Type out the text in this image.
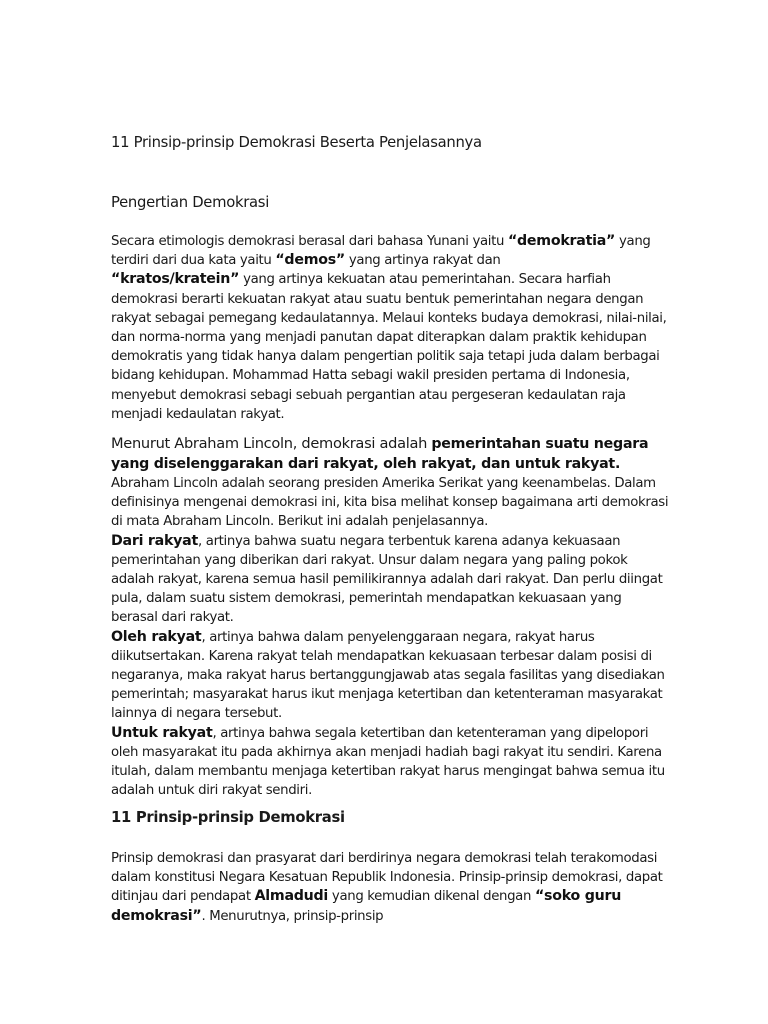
11 Prinsip-prinsip Demokrasi Beserta Penjelasannya

Pengertian Demokrasi

Secara etimologis demokrasi berasal dari bahasa Yunani yaitu “demokratia” yang terdiri dari dua kata yaitu “demos” yang artinya rakyat dan
“kratos/kratein” yang artinya kekuatan atau pemerintahan. Secara harfiah demokrasi berarti kekuatan rakyat atau suatu bentuk pemerintahan negara dengan rakyat sebagai pemegang kedaulatannya. Melaui konteks budaya demokrasi, nilai-nilai, dan norma-norma yang menjadi panutan dapat diterapkan dalam praktik kehidupan demokratis yang tidak hanya dalam pengertian politik saja tetapi juda dalam berbagai bidang kehidupan. Mohammad Hatta sebagi wakil presiden pertama di Indonesia, menyebut demokrasi sebagi sebuah pergantian atau pergeseran kedaulatan raja menjadi kedaulatan rakyat.
Menurut Abraham Lincoln, demokrasi adalah pemerintahan suatu negara yang diselenggarakan dari rakyat, oleh rakyat, dan untuk rakyat.
Abraham Lincoln adalah seorang presiden Amerika Serikat yang keenambelas. Dalam definisinya mengenai demokrasi ini, kita bisa melihat konsep bagaimana arti demokrasi di mata Abraham Lincoln. Berikut ini adalah penjelasannya.
Dari rakyat, artinya bahwa suatu negara terbentuk karena adanya kekuasaan pemerintahan yang diberikan dari rakyat. Unsur dalam negara yang paling pokok adalah rakyat, karena semua hasil pemilikirannya adalah dari rakyat. Dan perlu diingat pula, dalam suatu sistem demokrasi, pemerintah mendapatkan kekuasaan yang berasal dari rakyat.
Oleh rakyat, artinya bahwa dalam penyelenggaraan negara, rakyat harus diikutsertakan. Karena rakyat telah mendapatkan kekuasaan terbesar dalam posisi di negaranya, maka rakyat harus bertanggungjawab atas segala fasilitas yang disediakan pemerintah; masyarakat harus ikut menjaga ketertiban dan ketenteraman masyarakat lainnya di negara tersebut.
Untuk rakyat, artinya bahwa segala ketertiban dan ketenteraman yang dipelopori oleh masyarakat itu pada akhirnya akan menjadi hadiah bagi rakyat itu sendiri. Karena itulah, dalam membantu menjaga ketertiban rakyat harus mengingat bahwa semua itu adalah untuk diri rakyat sendiri.

11 Prinsip-prinsip Demokrasi

Prinsip demokrasi dan prasyarat dari berdirinya negara demokrasi telah terakomodasi dalam konstitusi Negara Kesatuan Republik Indonesia. Prinsip-prinsip demokrasi, dapat ditinjau dari pendapat Almadudi yang kemudian dikenal dengan “soko guru demokrasi”. Menurutnya, prinsip-prinsip
